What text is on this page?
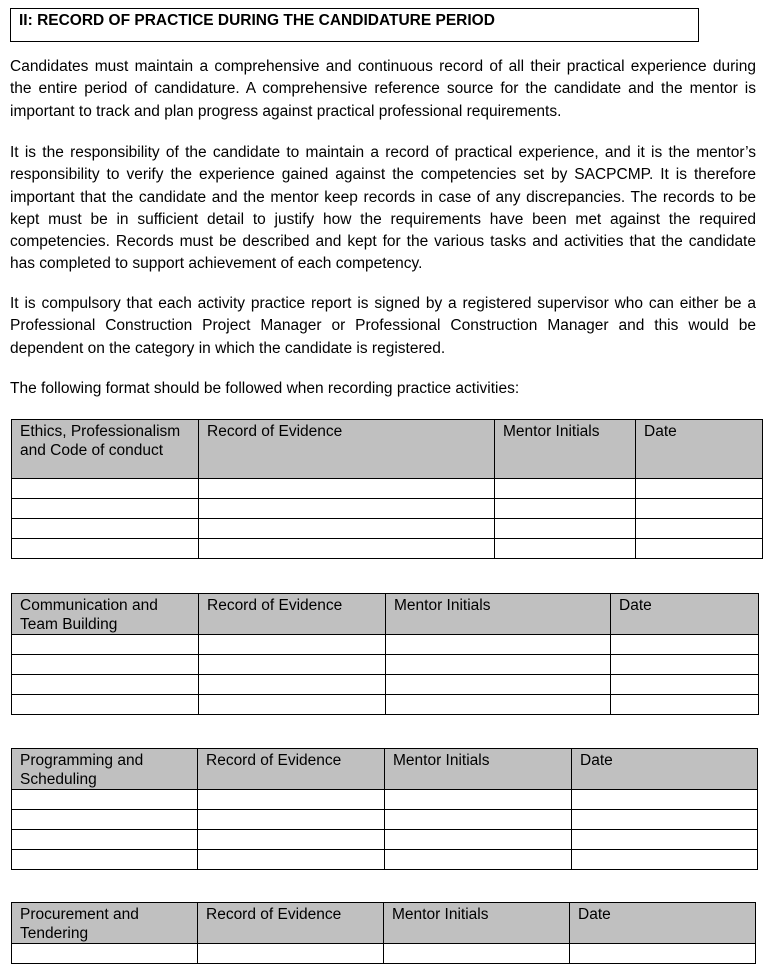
II: RECORD OF PRACTICE DURING THE CANDIDATURE PERIOD

Candidates must maintain a comprehensive and continuous record of all their practical experience during the entire period of candidature. A comprehensive reference source for the candidate and the mentor is important to track and plan progress against practical professional requirements.

It is the responsibility of the candidate to maintain a record of practical experience, and it is the mentor’s responsibility to verify the experience gained against the competencies set by SACPCMP. It is therefore important that the candidate and the mentor keep records in case of any discrepancies. The records to be kept must be in sufficient detail to justify how the requirements have been met against the required competencies. Records must be described and kept for the various tasks and activities that the candidate has completed to support achievement of each competency.

It is compulsory that each activity practice report is signed by a registered supervisor who can either be a Professional Construction Project Manager or Professional Construction Manager and this would be dependent on the category in which the candidate is registered.

The following format should be followed when recording practice activities:

Ethics, Professionalism and Code of conduct	Record of Evidence	Mentor Initials	Date

Communication and Team Building	Record of Evidence	Mentor Initials	Date

Programming and Scheduling	Record of Evidence	Mentor Initials	Date

Procurement and Tendering	Record of Evidence	Mentor Initials	Date
